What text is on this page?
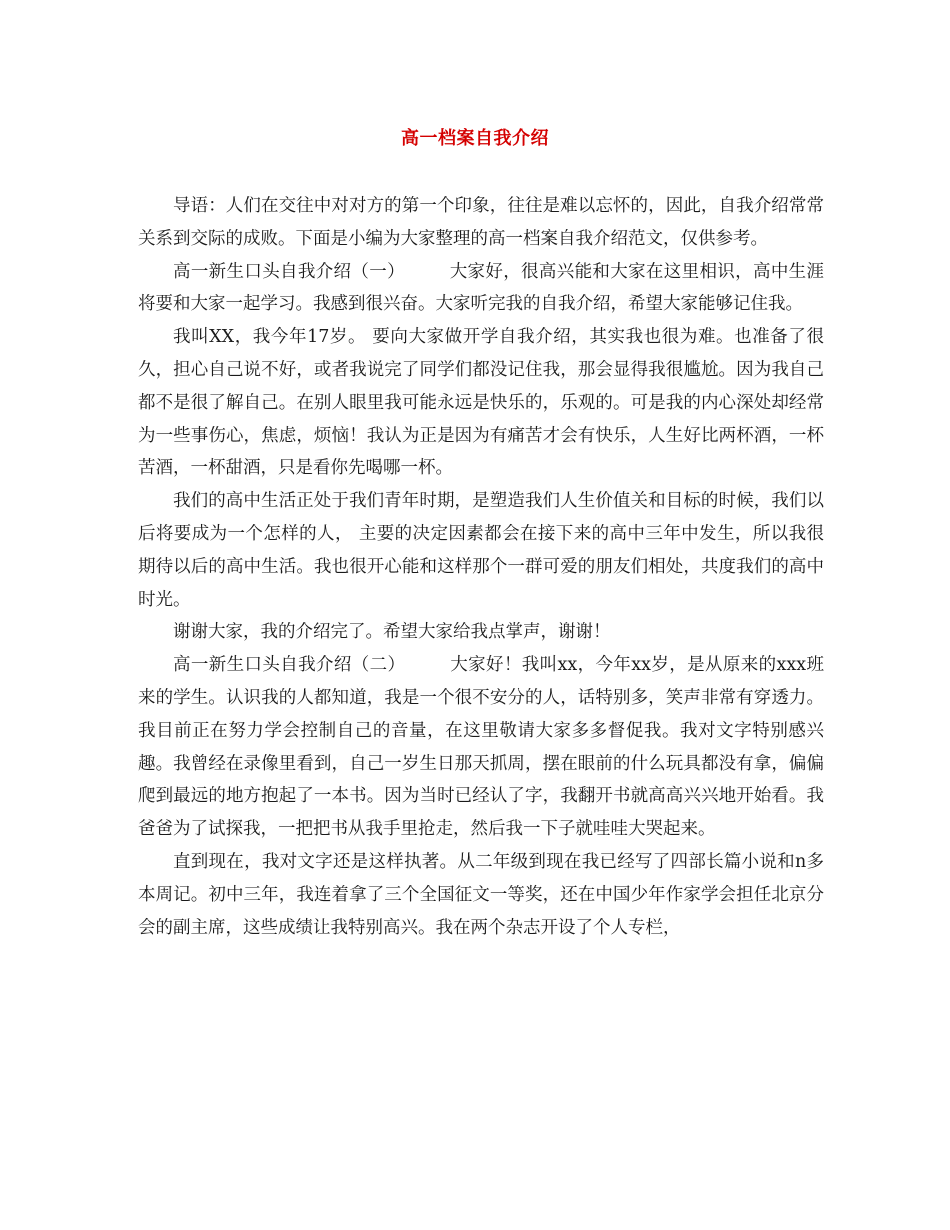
高一档案自我介绍

导语：人们在交往中对对方的第一个印象，往往是难以忘怀的，因此，自我介绍常常关系到交际的成败。下面是小编为大家整理的高一档案自我介绍范文，仅供参考。

高一新生口头自我介绍（一）　　　大家好，很高兴能和大家在这里相识，高中生涯将要和大家一起学习。我感到很兴奋。大家听完我的自我介绍，希望大家能够记住我。

我叫XX，我今年17岁。 要向大家做开学自我介绍，其实我也很为难。也准备了很久，担心自己说不好，或者我说完了同学们都没记住我，那会显得我很尴尬。因为我自己都不是很了解自己。在别人眼里我可能永远是快乐的，乐观的。可是我的内心深处却经常为一些事伤心，焦虑，烦恼！我认为正是因为有痛苦才会有快乐，人生好比两杯酒，一杯苦酒，一杯甜酒，只是看你先喝哪一杯。

我们的高中生活正处于我们青年时期，是塑造我们人生价值关和目标的时候，我们以后将要成为一个怎样的人， 主要的决定因素都会在接下来的高中三年中发生，所以我很期待以后的高中生活。我也很开心能和这样那个一群可爱的朋友们相处，共度我们的高中时光。

谢谢大家，我的介绍完了。希望大家给我点掌声，谢谢！

高一新生口头自我介绍（二）　　　大家好！我叫xx，今年xx岁，是从原来的xxx班来的学生。认识我的人都知道，我是一个很不安分的人，话特别多，笑声非常有穿透力。我目前正在努力学会控制自己的音量，在这里敬请大家多多督促我。我对文字特别感兴趣。我曾经在录像里看到，自己一岁生日那天抓周，摆在眼前的什么玩具都没有拿，偏偏爬到最远的地方抱起了一本书。因为当时已经认了字，我翻开书就高高兴兴地开始看。我爸爸为了试探我，一把把书从我手里抢走，然后我一下子就哇哇大哭起来。

直到现在，我对文字还是这样执著。从二年级到现在我已经写了四部长篇小说和n多本周记。初中三年，我连着拿了三个全国征文一等奖，还在中国少年作家学会担任北京分会的副主席，这些成绩让我特别高兴。我在两个杂志开设了个人专栏，
